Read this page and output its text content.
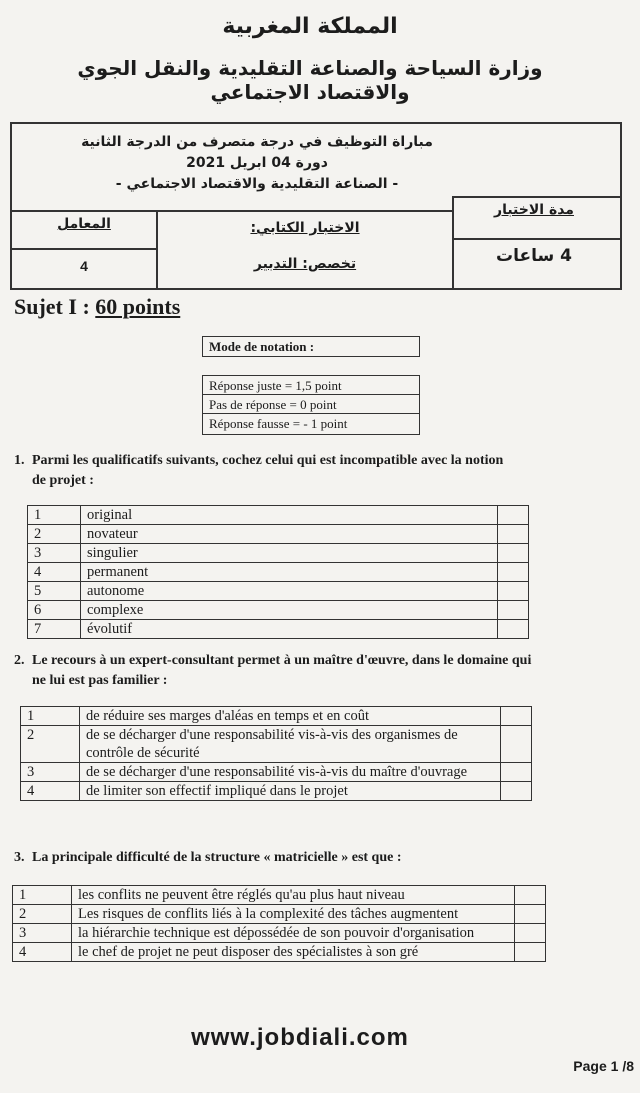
المملكة المغربية
وزارة السياحة والصناعة التقليدية والنقل الجوي والاقتصاد الاجتماعي
مباراة التوظيف في درجة متصرف من الدرجة الثانية
دورة 04 ابريل 2021
- الصناعة التقليدية والاقتصاد الاجتماعي -
المعامل
4
الاختبار الكتابي:
تخصص: التدبير
مدة الاختبار
4 ساعات
Sujet I : 60 points
Mode de notation :
Réponse juste = 1,5 point
Pas de réponse = 0 point
Réponse fausse = - 1 point
1. Parmi les qualificatifs suivants, cochez celui qui est incompatible avec la notion
de projet :
1	original	
2	novateur	
3	singulier	
4	permanent	
5	autonome	
6	complexe	
7	évolutif	
2. Le recours à un expert-consultant permet à un maître d'œuvre, dans le domaine qui
ne lui est pas familier :
1	de réduire ses marges d'aléas en temps et en coût	
2	de se décharger d'une responsabilité vis-à-vis des organismes de contrôle de sécurité	
3	de se décharger d'une responsabilité vis-à-vis du maître d'ouvrage	
4	de limiter son effectif impliqué dans le projet	
3. La principale difficulté de la structure « matricielle » est que :
1	les conflits ne peuvent être réglés qu'au plus haut niveau	
2	Les risques de conflits liés à la complexité des tâches augmentent	
3	la hiérarchie technique est dépossédée de son pouvoir d'organisation	
4	le chef de projet ne peut disposer des spécialistes à son gré	
www.jobdiali.com
Page 1 /8
